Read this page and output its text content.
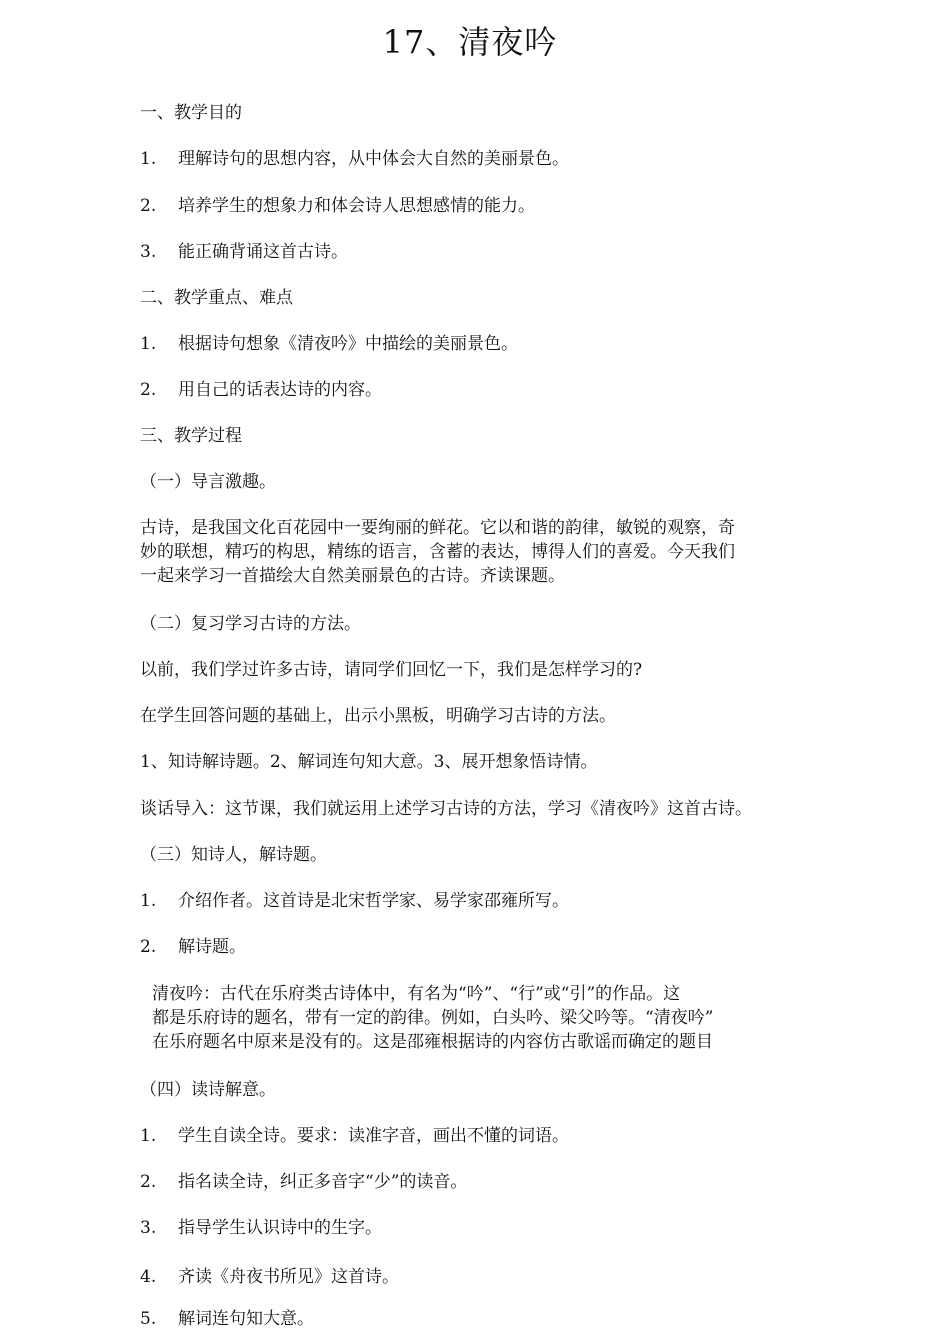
17、清夜吟
一、教学目的
1. 理解诗句的思想内容，从中体会大自然的美丽景色。
2. 培养学生的想象力和体会诗人思想感情的能力。
3. 能正确背诵这首古诗。
二、教学重点、难点
1. 根据诗句想象《清夜吟》中描绘的美丽景色。
2. 用自己的话表达诗的内容。
三、教学过程
（一）导言激趣。
古诗，是我国文化百花园中一要绚丽的鲜花。它以和谐的韵律，敏锐的观察，奇
妙的联想，精巧的构思，精练的语言，含蓄的表达，博得人们的喜爱。今天我们
一起来学习一首描绘大自然美丽景色的古诗。齐读课题。
（二）复习学习古诗的方法。
以前，我们学过许多古诗，请同学们回忆一下，我们是怎样学习的?
在学生回答问题的基础上，出示小黑板，明确学习古诗的方法。
1、知诗解诗题。2、解词连句知大意。3、展开想象悟诗情。
谈话导入：这节课，我们就运用上述学习古诗的方法，学习《清夜吟》这首古诗。
（三）知诗人，解诗题。
1. 介绍作者。这首诗是北宋哲学家、易学家邵雍所写。
2. 解诗题。
清夜吟：古代在乐府类古诗体中，有名为“吟”、“行”或“引”的作品。这
都是乐府诗的题名，带有一定的韵律。例如，白头吟、梁父吟等。“清夜吟”
在乐府题名中原来是没有的。这是邵雍根据诗的内容仿古歌谣而确定的题目
（四）读诗解意。
1. 学生自读全诗。要求：读准字音，画出不懂的词语。
2. 指名读全诗，纠正多音字“少”的读音。
3. 指导学生认识诗中的生字。
4. 齐读《舟夜书所见》这首诗。
5. 解词连句知大意。
